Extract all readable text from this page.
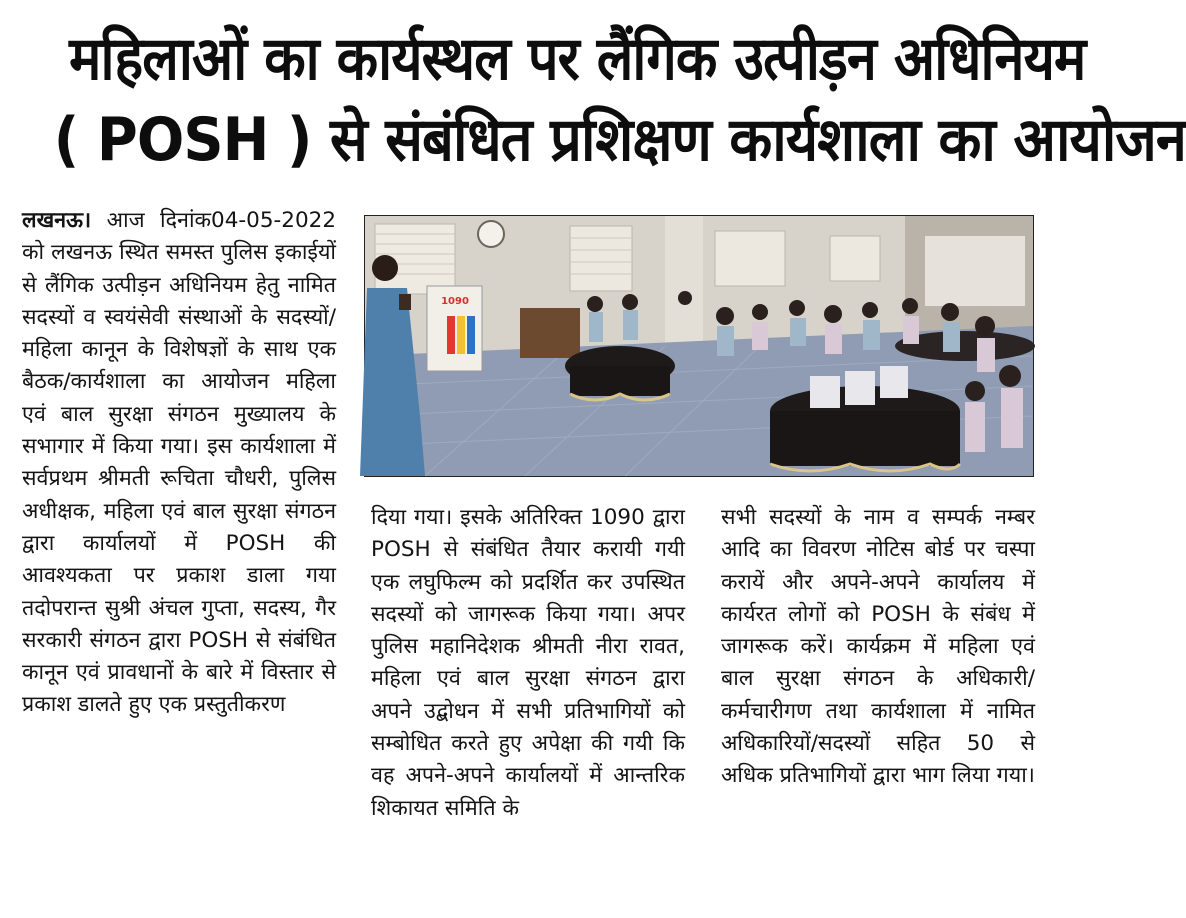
महिलाओं का कार्यस्थल पर लैंगिक उत्पीड़न अधिनियम
( POSH ) से संबंधित प्रशिक्षण कार्यशाला का आयोजन
लखनऊ। आज दिनांक04-05-2022 को लखनऊ स्थित समस्त पुलिस इकाईयों से लैंगिक उत्पीड़न अधिनियम हेतु नामित सदस्यों व स्वयंसेवी संस्थाओं के सदस्यों/महिला कानून के विशेषज्ञों के साथ एक बैठक/कार्यशाला का आयोजन महिला एवं बाल सुरक्षा संगठन मुख्यालय के सभागार में किया गया। इस कार्यशाला में सर्वप्रथम श्रीमती रूचिता चौधरी, पुलिस अधीक्षक, महिला एवं बाल सुरक्षा संगठन द्वारा कार्यालयों में POSH की आवश्यकता पर प्रकाश डाला गया तदोपरान्त सुश्री अंचल गुप्ता, सदस्य, गैर सरकारी संगठन द्वारा POSH से संबंधित कानून एवं प्रावधानों के बारे में विस्तार से प्रकाश डालते हुए एक प्रस्तुतीकरण
1090
दिया गया। इसके अतिरिक्त 1090 द्वारा POSH से संबंधित तैयार करायी गयी एक लघुफिल्म को प्रदर्शित कर उपस्थित सदस्यों को जागरूक किया गया। अपर पुलिस महानिदेशक श्रीमती नीरा रावत, महिला एवं बाल सुरक्षा संगठन द्वारा अपने उद्बोधन में सभी प्रतिभागियों को सम्बोधित करते हुए अपेक्षा की गयी कि वह अपने-अपने कार्यालयों में आन्तरिक शिकायत समिति के
सभी सदस्यों के नाम व सम्पर्क नम्बर आदि का विवरण नोटिस बोर्ड पर चस्पा करायें और अपने-अपने कार्यालय में कार्यरत लोगों को POSH के संबंध में जागरूक करें। कार्यक्रम में महिला एवं बाल सुरक्षा संगठन के अधिकारी/कर्मचारीगण तथा कार्यशाला में नामित अधिकारियों/सदस्यों सहित 50 से अधिक प्रतिभागियों द्वारा भाग लिया गया।
